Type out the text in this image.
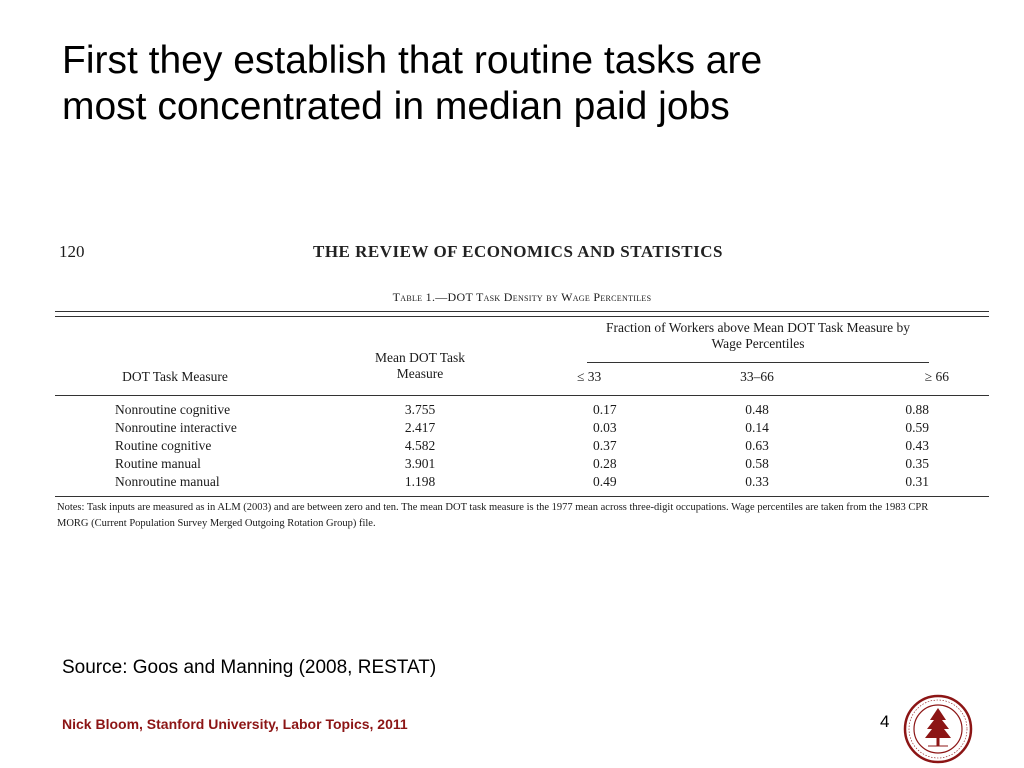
First they establish that routine tasks are
most concentrated in median paid jobs
120	THE REVIEW OF ECONOMICS AND STATISTICS
Table 1.—DOT Task Density by Wage Percentiles
Fraction of Workers above Mean DOT Task Measure by
Wage Percentiles
Mean DOT Task
Measure
DOT Task Measure	≤ 33	33–66	≥ 66
Nonroutine cognitive	3.755	0.17	0.48	0.88
Nonroutine interactive	2.417	0.03	0.14	0.59
Routine cognitive	4.582	0.37	0.63	0.43
Routine manual	3.901	0.28	0.58	0.35
Nonroutine manual	1.198	0.49	0.33	0.31
Notes: Task inputs are measured as in ALM (2003) and are between zero and ten. The mean DOT task measure is the 1977 mean across three-digit occupations. Wage percentiles are taken from the 1983 CPR
MORG (Current Population Survey Merged Outgoing Rotation Group) file.
Source: Goos and Manning (2008, RESTAT)
Nick Bloom, Stanford University, Labor Topics, 2011	4
